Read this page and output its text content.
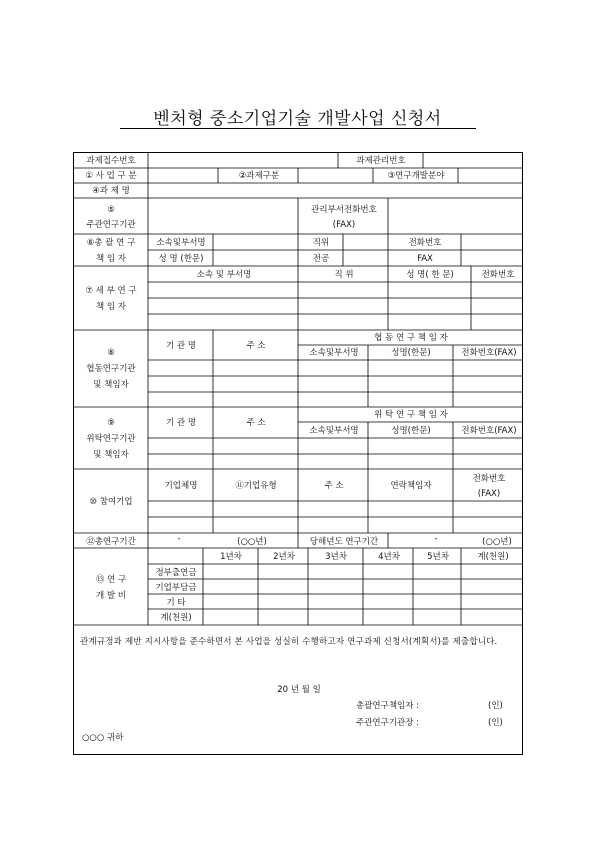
벤처형 중소기업기술 개발사업 신청서
과제접수번호	과제관리번호
① 사 업 구 분	②과제구분	③연구개발분야
④과 제 명
⑤
주관연구기관
관리부서전화번호
(FAX)
⑥총 괄 연 구
책 임 자
소속및부서명	직위	전화번호
성 명 (한문)	전공	FAX
⑦ 세 부 연 구
책 임 자
소속 및 부서명	직 위	성 명( 한 문)	전화번호
⑧
협동연구기관
및 책임자
기 관 명	주 소
협 동 연 구 책 임 자
소속및부서명	성명(한문)	전화번호(FAX)
⑨
위탁연구기관
및 책임자
기 관 명	주 소
위 탁 연 구 책 임 자
소속및부서명	성명(한문)	전화번호(FAX)
⑩ 참여기업
기업체명	⑪기업유형	주 소	연락책임자
전화번호
(FAX)
⑫총연구기간	-	(○○년)	당해년도 연구기간	-	(○○년)
⑬ 연 구
개 발 비
1년차	2년차	3년차	4년차	5년차	계(천원)
정부출연금
기업부담금
기 타
계(천원)
관계규정과 제반 지시사항을 준수하면서 본 사업을 성실히 수행하고자 연구과제 신청서(계획서)를 제출합니다.
20 년 월 일
총괄연구책임자 :	(인)
주관연구기관장 :	(인)
○○○ 귀하
